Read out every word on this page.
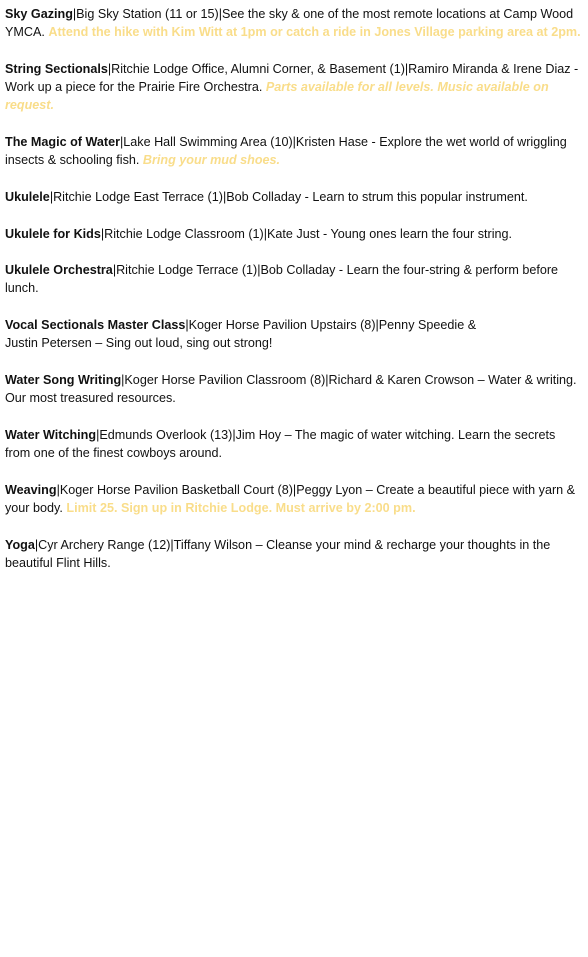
Sky Gazing|Big Sky Station (11 or 15)|See the sky & one of the most remote locations at Camp Wood YMCA. Attend the hike with Kim Witt at 1pm or catch a ride in Jones Village parking area at 2pm.

String Sectionals|Ritchie Lodge Office, Alumni Corner, & Basement (1)|Ramiro Miranda & Irene Diaz - Work up a piece for the Prairie Fire Orchestra. Parts available for all levels. Music available on request.

The Magic of Water|Lake Hall Swimming Area (10)|Kristen Hase - Explore the wet world of wriggling insects & schooling fish. Bring your mud shoes.

Ukulele|Ritchie Lodge East Terrace (1)|Bob Colladay - Learn to strum this popular instrument.

Ukulele for Kids|Ritchie Lodge Classroom (1)|Kate Just - Young ones learn the four string.

Ukulele Orchestra|Ritchie Lodge Terrace (1)|Bob Colladay - Learn the four-string & perform before lunch.

Vocal Sectionals Master Class|Koger Horse Pavilion Upstairs (8)|Penny Speedie &
Justin Petersen – Sing out loud, sing out strong!

Water Song Writing|Koger Horse Pavilion Classroom (8)|Richard & Karen Crowson – Water & writing. Our most treasured resources.

Water Witching|Edmunds Overlook (13)|Jim Hoy – The magic of water witching. Learn the secrets from one of the finest cowboys around.

Weaving|Koger Horse Pavilion Basketball Court (8)|Peggy Lyon – Create a beautiful piece with yarn & your body. Limit 25. Sign up in Ritchie Lodge. Must arrive by 2:00 pm.

Yoga|Cyr Archery Range (12)|Tiffany Wilson – Cleanse your mind & recharge your thoughts in the beautiful Flint Hills.
